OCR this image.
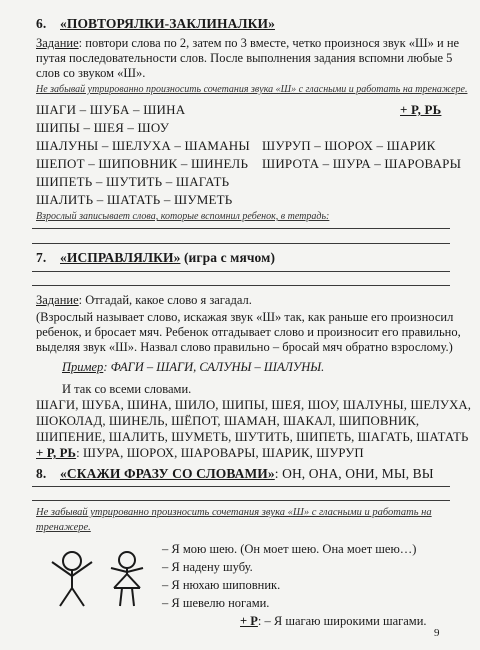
6. «ПОВТОРЯЛКИ-ЗАКЛИНАЛКИ»
Задание: повтори слова по 2, затем по 3 вместе, четко произнося звук «Ш» и не
путая последовательности слов. После выполнения задания вспомни любые 5
слов со звуком «Ш».
Не забывай утрированно произносить сочетания звука «Ш» с гласными и работать на тренажере.
+ Р, РЬ
ШАГИ – ШУБА – ШИНА
ШИПЫ – ШЕЯ – ШОУ
ШАЛУНЫ – ШЕЛУХА – ШАМАНЫ
ШЕПОТ – ШИПОВНИК – ШИНЕЛЬ
ШИПЕТЬ – ШУТИТЬ – ШАГАТЬ
ШАЛИТЬ – ШАТАТЬ – ШУМЕТЬ
ШУРУП – ШОРОХ – ШАРИК
ШИРОТА – ШУРА – ШАРОВАРЫ
Взрослый записывает слова, которые вспомнил ребенок, в тетрадь:
7. «ИСПРАВЛЯЛКИ» (игра с мячом)
Задание: Отгадай, какое слово я загадал.
(Взрослый называет слово, искажая звук «Ш» так, как раньше его произносил
ребенок, и бросает мяч. Ребенок отгадывает слово и произносит его правильно,
выделяя звук «Ш». Назвал слово правильно – бросай мяч обратно взрослому.)
Пример: ФАГИ – ШАГИ, САЛУНЫ – ШАЛУНЫ.
И так со всеми словами.
ШАГИ, ШУБА, ШИНА, ШИЛО, ШИПЫ, ШЕЯ, ШОУ, ШАЛУНЫ, ШЕЛУХА,
ШОКОЛАД, ШИНЕЛЬ, ШЁПОТ, ШАМАН, ШАКАЛ, ШИПОВНИК,
ШИПЕНИЕ, ШАЛИТЬ, ШУМЕТЬ, ШУТИТЬ, ШИПЕТЬ, ШАГАТЬ, ШАТАТЬ
+ Р, РЬ: ШУРА, ШОРОХ, ШАРОВАРЫ, ШАРИК, ШУРУП
8. «СКАЖИ ФРАЗУ СО СЛОВАМИ»: ОН, ОНА, ОНИ, МЫ, ВЫ
Не забывай утрированно произносить сочетания звука «Ш» с гласными и работать на
тренажере.
– Я мою шею. (Он моет шею. Она моет шею…)
– Я надену шубу.
– Я нюхаю шиповник.
– Я шевелю ногами.
+ Р: – Я шагаю широкими шагами.
9
